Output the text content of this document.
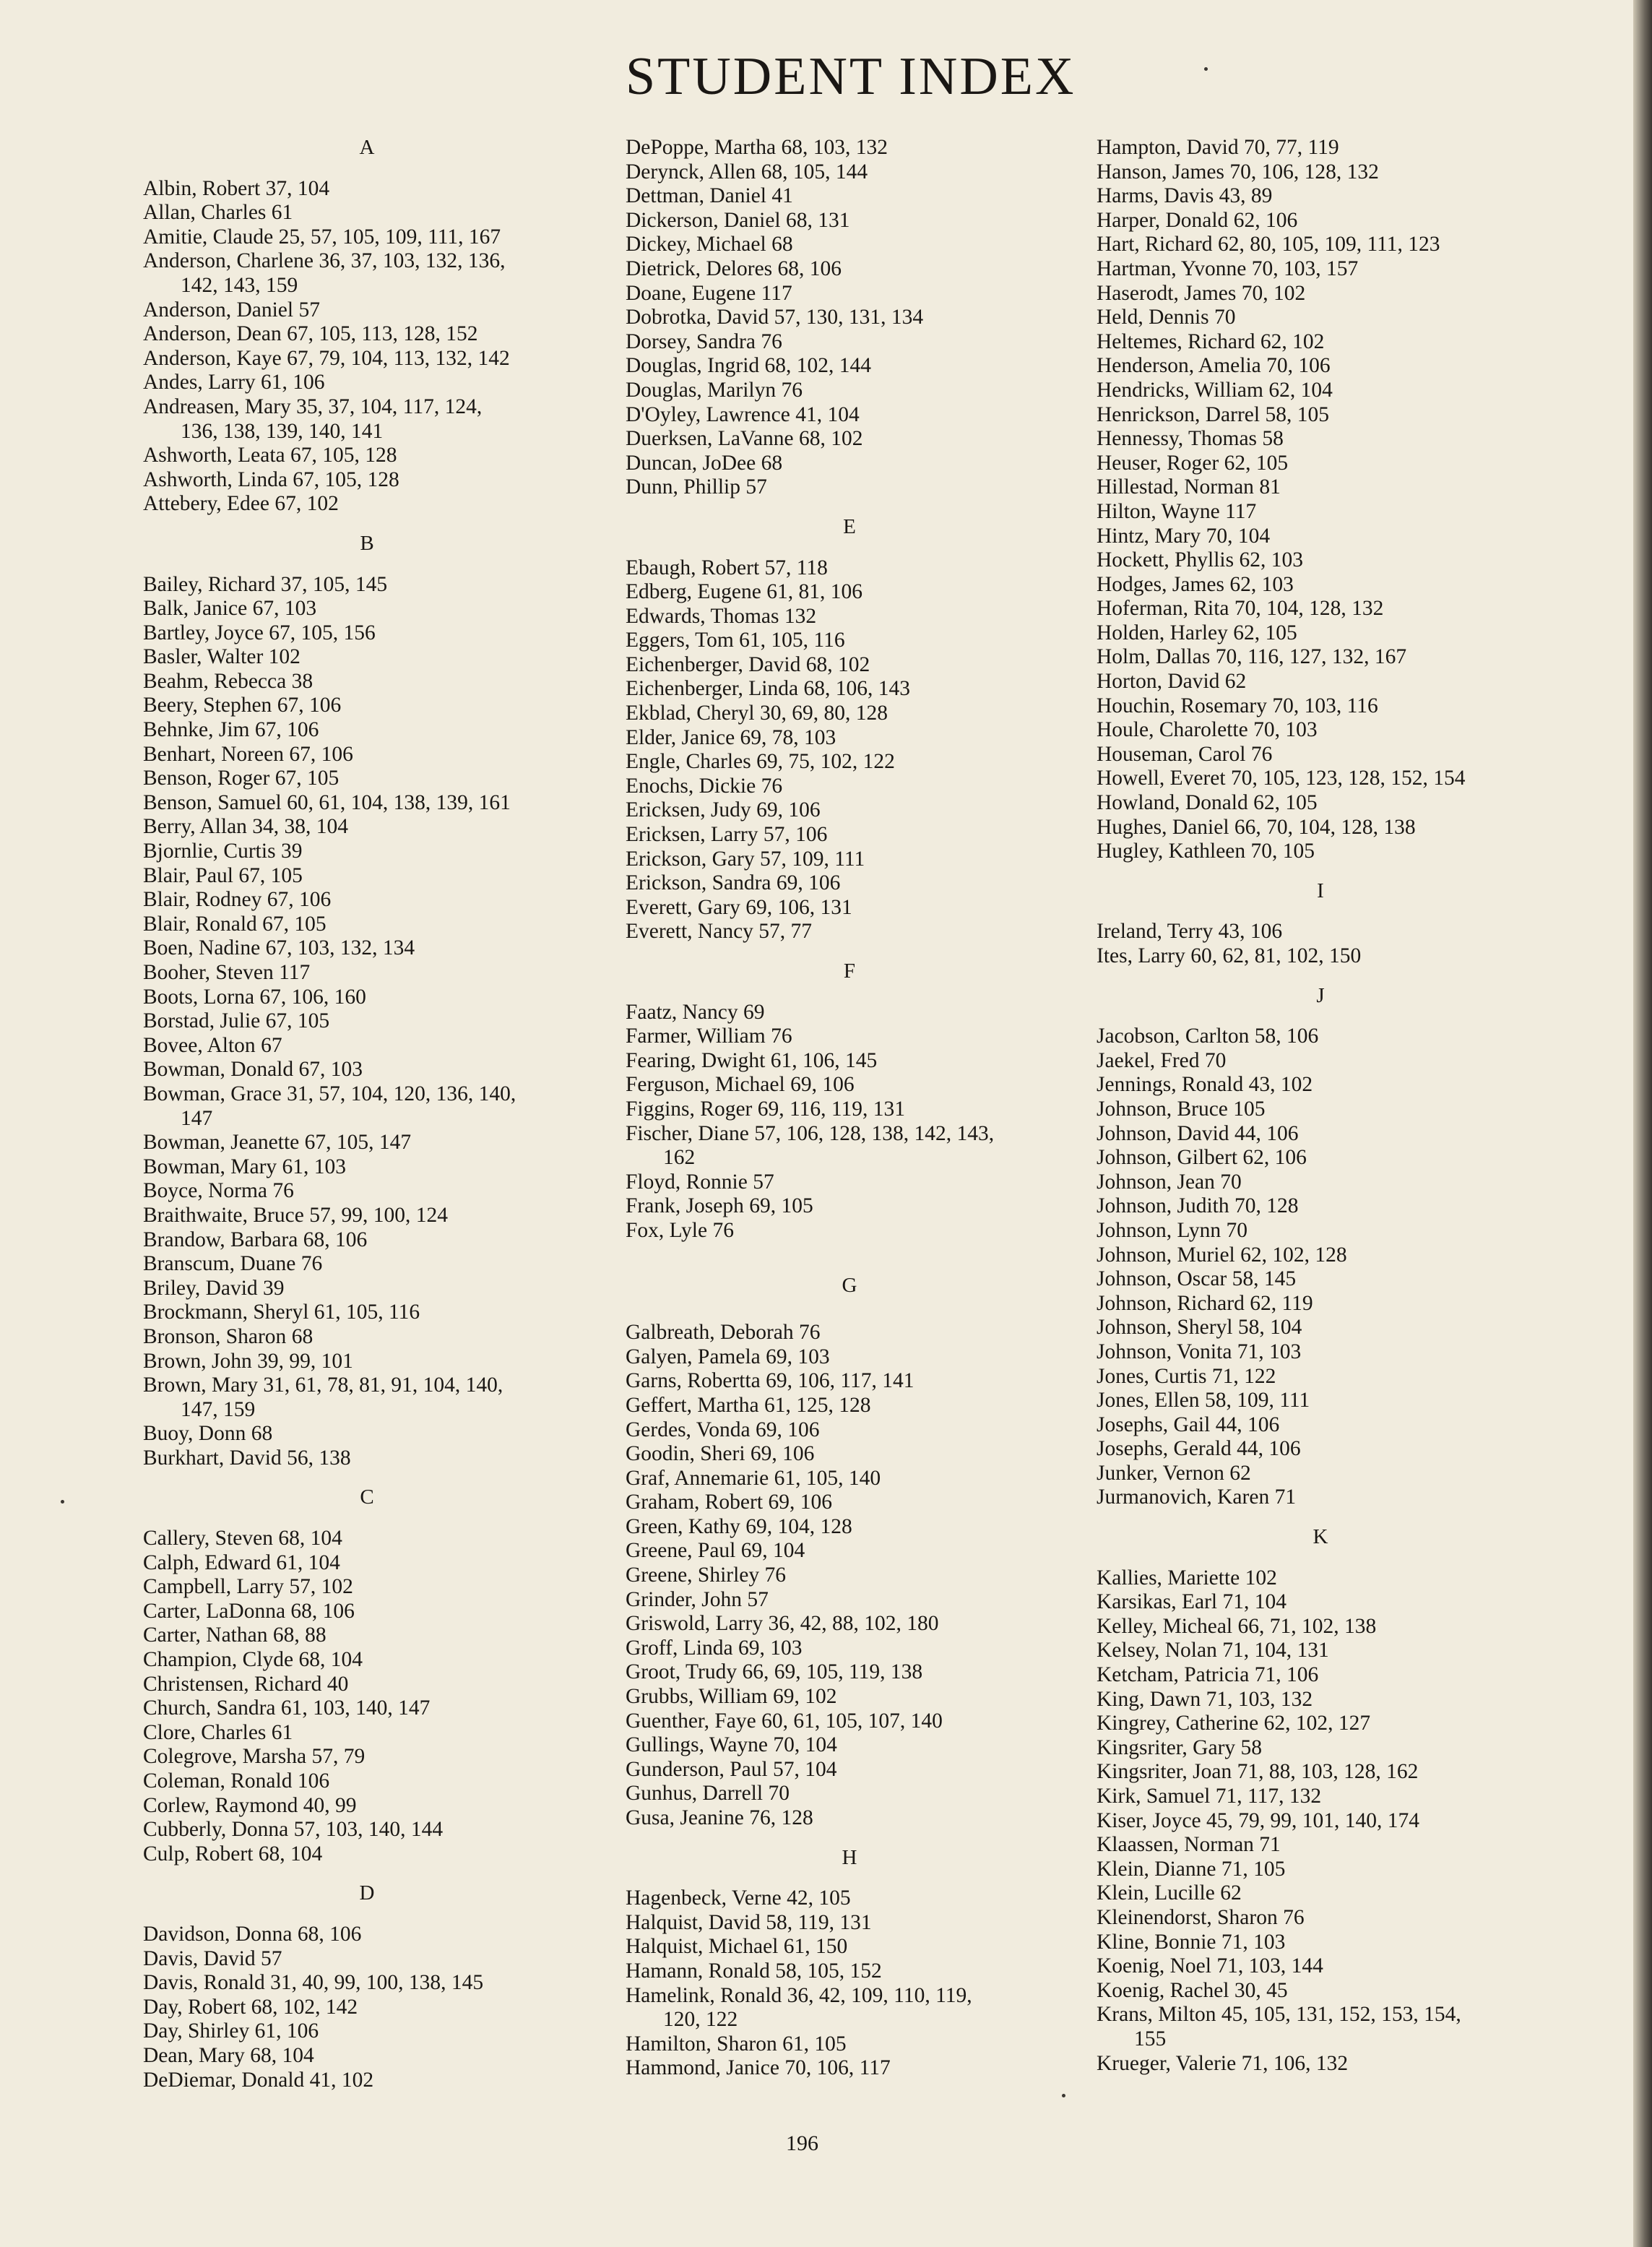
STUDENT INDEX
A
Albin, Robert 37, 104
Allan, Charles 61
Amitie, Claude 25, 57, 105, 109, 111, 167
Anderson, Charlene 36, 37, 103, 132, 136,
142, 143, 159
Anderson, Daniel 57
Anderson, Dean 67, 105, 113, 128, 152
Anderson, Kaye 67, 79, 104, 113, 132, 142
Andes, Larry 61, 106
Andreasen, Mary 35, 37, 104, 117, 124,
136, 138, 139, 140, 141
Ashworth, Leata 67, 105, 128
Ashworth, Linda 67, 105, 128
Attebery, Edee 67, 102
B
Bailey, Richard 37, 105, 145
Balk, Janice 67, 103
Bartley, Joyce 67, 105, 156
Basler, Walter 102
Beahm, Rebecca 38
Beery, Stephen 67, 106
Behnke, Jim 67, 106
Benhart, Noreen 67, 106
Benson, Roger 67, 105
Benson, Samuel 60, 61, 104, 138, 139, 161
Berry, Allan 34, 38, 104
Bjornlie, Curtis 39
Blair, Paul 67, 105
Blair, Rodney 67, 106
Blair, Ronald 67, 105
Boen, Nadine 67, 103, 132, 134
Booher, Steven 117
Boots, Lorna 67, 106, 160
Borstad, Julie 67, 105
Bovee, Alton 67
Bowman, Donald 67, 103
Bowman, Grace 31, 57, 104, 120, 136, 140,
147
Bowman, Jeanette 67, 105, 147
Bowman, Mary 61, 103
Boyce, Norma 76
Braithwaite, Bruce 57, 99, 100, 124
Brandow, Barbara 68, 106
Branscum, Duane 76
Briley, David 39
Brockmann, Sheryl 61, 105, 116
Bronson, Sharon 68
Brown, John 39, 99, 101
Brown, Mary 31, 61, 78, 81, 91, 104, 140,
147, 159
Buoy, Donn 68
Burkhart, David 56, 138
C
Callery, Steven 68, 104
Calph, Edward 61, 104
Campbell, Larry 57, 102
Carter, LaDonna 68, 106
Carter, Nathan 68, 88
Champion, Clyde 68, 104
Christensen, Richard 40
Church, Sandra 61, 103, 140, 147
Clore, Charles 61
Colegrove, Marsha 57, 79
Coleman, Ronald 106
Corlew, Raymond 40, 99
Cubberly, Donna 57, 103, 140, 144
Culp, Robert 68, 104
D
Davidson, Donna 68, 106
Davis, David 57
Davis, Ronald 31, 40, 99, 100, 138, 145
Day, Robert 68, 102, 142
Day, Shirley 61, 106
Dean, Mary 68, 104
DeDiemar, Donald 41, 102
DePoppe, Martha 68, 103, 132
Derynck, Allen 68, 105, 144
Dettman, Daniel 41
Dickerson, Daniel 68, 131
Dickey, Michael 68
Dietrick, Delores 68, 106
Doane, Eugene 117
Dobrotka, David 57, 130, 131, 134
Dorsey, Sandra 76
Douglas, Ingrid 68, 102, 144
Douglas, Marilyn 76
D'Oyley, Lawrence 41, 104
Duerksen, LaVanne 68, 102
Duncan, JoDee 68
Dunn, Phillip 57
E
Ebaugh, Robert 57, 118
Edberg, Eugene 61, 81, 106
Edwards, Thomas 132
Eggers, Tom 61, 105, 116
Eichenberger, David 68, 102
Eichenberger, Linda 68, 106, 143
Ekblad, Cheryl 30, 69, 80, 128
Elder, Janice 69, 78, 103
Engle, Charles 69, 75, 102, 122
Enochs, Dickie 76
Ericksen, Judy 69, 106
Ericksen, Larry 57, 106
Erickson, Gary 57, 109, 111
Erickson, Sandra 69, 106
Everett, Gary 69, 106, 131
Everett, Nancy 57, 77
F
Faatz, Nancy 69
Farmer, William 76
Fearing, Dwight 61, 106, 145
Ferguson, Michael 69, 106
Figgins, Roger 69, 116, 119, 131
Fischer, Diane 57, 106, 128, 138, 142, 143,
162
Floyd, Ronnie 57
Frank, Joseph 69, 105
Fox, Lyle 76
G
Galbreath, Deborah 76
Galyen, Pamela 69, 103
Garns, Robertta 69, 106, 117, 141
Geffert, Martha 61, 125, 128
Gerdes, Vonda 69, 106
Goodin, Sheri 69, 106
Graf, Annemarie 61, 105, 140
Graham, Robert 69, 106
Green, Kathy 69, 104, 128
Greene, Paul 69, 104
Greene, Shirley 76
Grinder, John 57
Griswold, Larry 36, 42, 88, 102, 180
Groff, Linda 69, 103
Groot, Trudy 66, 69, 105, 119, 138
Grubbs, William 69, 102
Guenther, Faye 60, 61, 105, 107, 140
Gullings, Wayne 70, 104
Gunderson, Paul 57, 104
Gunhus, Darrell 70
Gusa, Jeanine 76, 128
H
Hagenbeck, Verne 42, 105
Halquist, David 58, 119, 131
Halquist, Michael 61, 150
Hamann, Ronald 58, 105, 152
Hamelink, Ronald 36, 42, 109, 110, 119,
120, 122
Hamilton, Sharon 61, 105
Hammond, Janice 70, 106, 117
Hampton, David 70, 77, 119
Hanson, James 70, 106, 128, 132
Harms, Davis 43, 89
Harper, Donald 62, 106
Hart, Richard 62, 80, 105, 109, 111, 123
Hartman, Yvonne 70, 103, 157
Haserodt, James 70, 102
Held, Dennis 70
Heltemes, Richard 62, 102
Henderson, Amelia 70, 106
Hendricks, William 62, 104
Henrickson, Darrel 58, 105
Hennessy, Thomas 58
Heuser, Roger 62, 105
Hillestad, Norman 81
Hilton, Wayne 117
Hintz, Mary 70, 104
Hockett, Phyllis 62, 103
Hodges, James 62, 103
Hoferman, Rita 70, 104, 128, 132
Holden, Harley 62, 105
Holm, Dallas 70, 116, 127, 132, 167
Horton, David 62
Houchin, Rosemary 70, 103, 116
Houle, Charolette 70, 103
Houseman, Carol 76
Howell, Everet 70, 105, 123, 128, 152, 154
Howland, Donald 62, 105
Hughes, Daniel 66, 70, 104, 128, 138
Hugley, Kathleen 70, 105
I
Ireland, Terry 43, 106
Ites, Larry 60, 62, 81, 102, 150
J
Jacobson, Carlton 58, 106
Jaekel, Fred 70
Jennings, Ronald 43, 102
Johnson, Bruce 105
Johnson, David 44, 106
Johnson, Gilbert 62, 106
Johnson, Jean 70
Johnson, Judith 70, 128
Johnson, Lynn 70
Johnson, Muriel 62, 102, 128
Johnson, Oscar 58, 145
Johnson, Richard 62, 119
Johnson, Sheryl 58, 104
Johnson, Vonita 71, 103
Jones, Curtis 71, 122
Jones, Ellen 58, 109, 111
Josephs, Gail 44, 106
Josephs, Gerald 44, 106
Junker, Vernon 62
Jurmanovich, Karen 71
K
Kallies, Mariette 102
Karsikas, Earl 71, 104
Kelley, Micheal 66, 71, 102, 138
Kelsey, Nolan 71, 104, 131
Ketcham, Patricia 71, 106
King, Dawn 71, 103, 132
Kingrey, Catherine 62, 102, 127
Kingsriter, Gary 58
Kingsriter, Joan 71, 88, 103, 128, 162
Kirk, Samuel 71, 117, 132
Kiser, Joyce 45, 79, 99, 101, 140, 174
Klaassen, Norman 71
Klein, Dianne 71, 105
Klein, Lucille 62
Kleinendorst, Sharon 76
Kline, Bonnie 71, 103
Koenig, Noel 71, 103, 144
Koenig, Rachel 30, 45
Krans, Milton 45, 105, 131, 152, 153, 154,
155
Krueger, Valerie 71, 106, 132
196
